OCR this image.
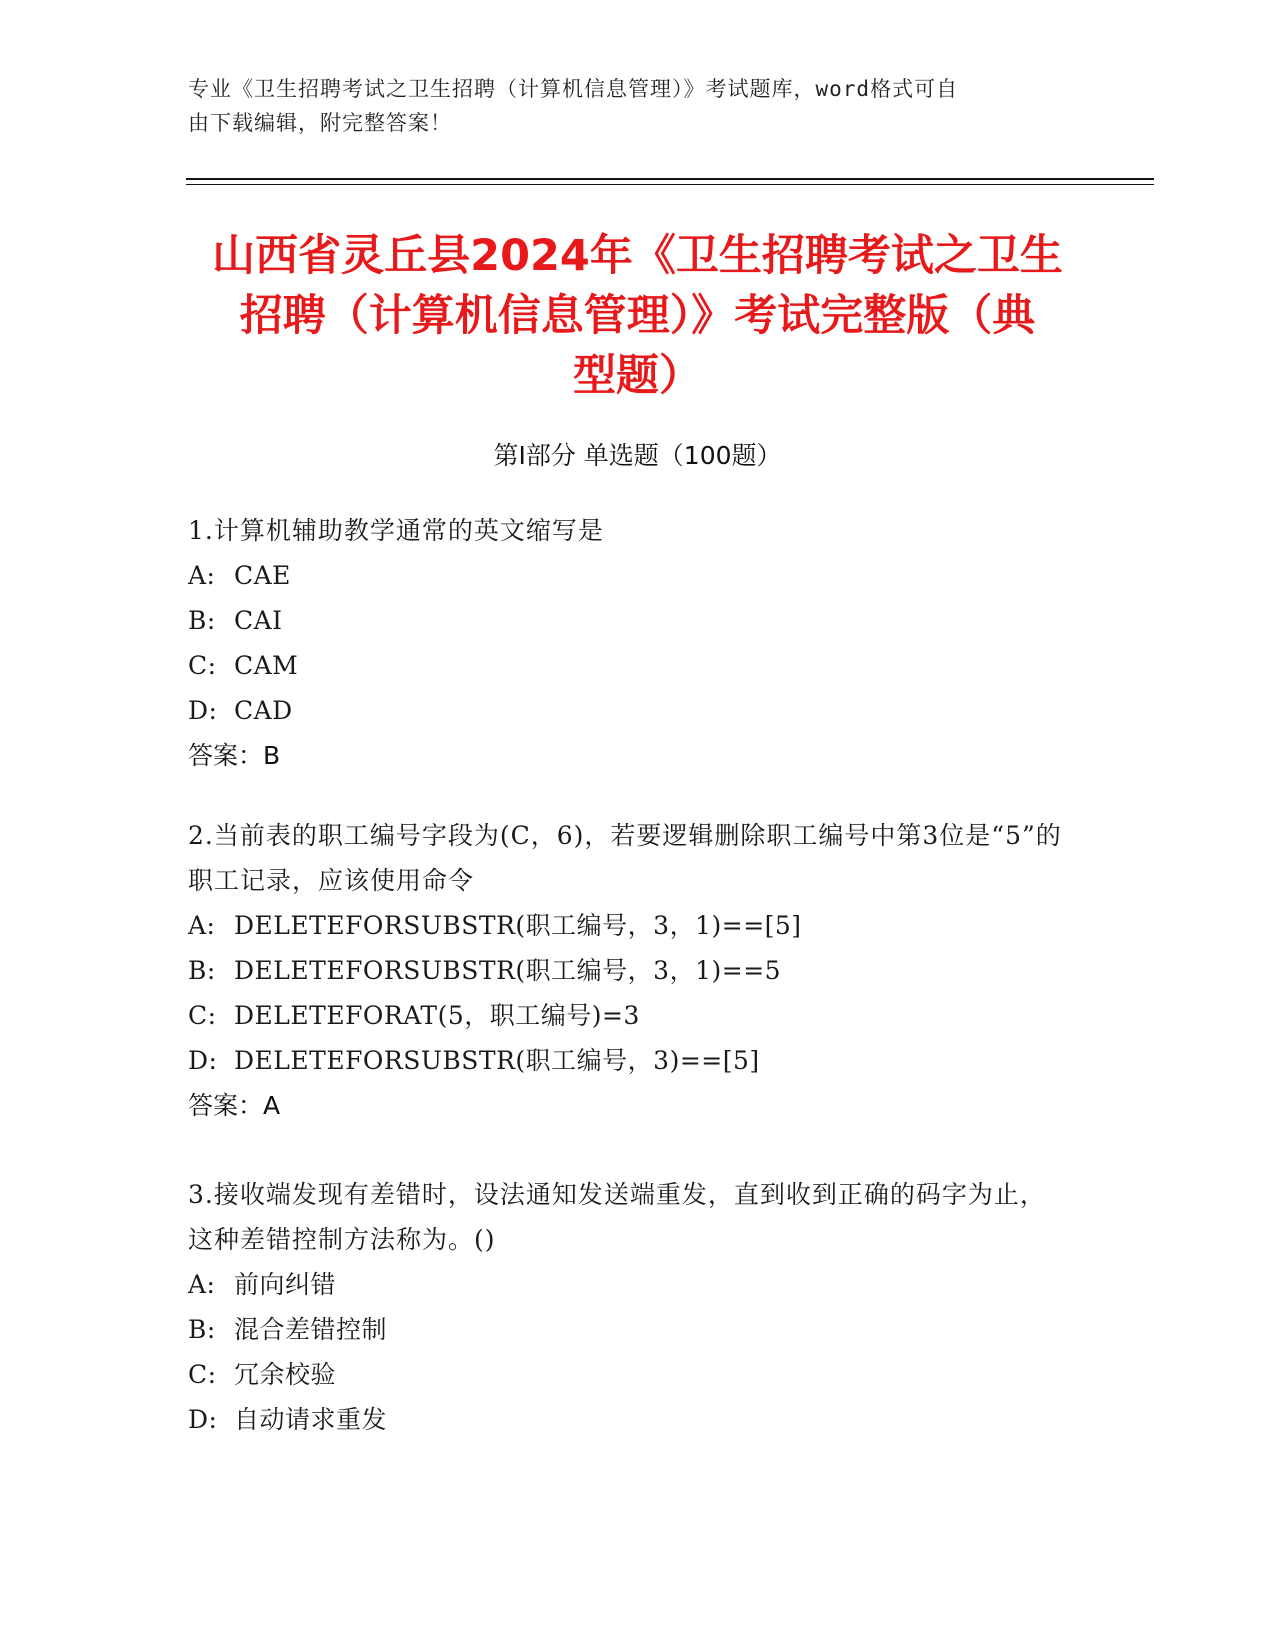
专业《卫生招聘考试之卫生招聘（计算机信息管理）》考试题库，word格式可自
由下载编辑，附完整答案！
山西省灵丘县2024年《卫生招聘考试之卫生
招聘（计算机信息管理）》考试完整版（典
型题）
第Ⅰ部分 单选题（100题）
1.计算机辅助教学通常的英文缩写是
A: CAE
B: CAI
C: CAM
D: CAD
答案：B
2.当前表的职工编号字段为(C，6)，若要逻辑删除职工编号中第3位是“5”的职工记录，应该使用命令
A: DELETEFORSUBSTR(职工编号，3，1)==[5]
B: DELETEFORSUBSTR(职工编号，3，1)==5
C: DELETEFORAT(5，职工编号)=3
D: DELETEFORSUBSTR(职工编号，3)==[5]
答案：A
3.接收端发现有差错时，设法通知发送端重发，直到收到正确的码字为止，这种差错控制方法称为。()
A: 前向纠错
B: 混合差错控制
C: 冗余校验
D: 自动请求重发
